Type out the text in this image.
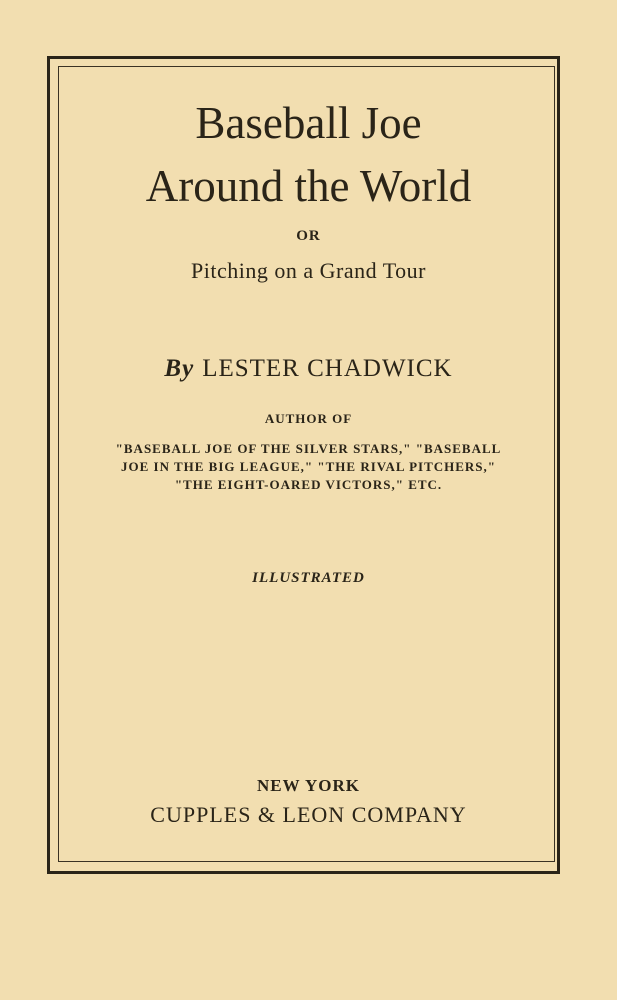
Baseball Joe
Around the World
OR
Pitching on a Grand Tour
By LESTER CHADWICK
AUTHOR OF
"BASEBALL JOE OF THE SILVER STARS," "BASEBALL
JOE IN THE BIG LEAGUE," "THE RIVAL PITCHERS,"
"THE EIGHT-OARED VICTORS," ETC.
ILLUSTRATED
NEW YORK
CUPPLES & LEON COMPANY
